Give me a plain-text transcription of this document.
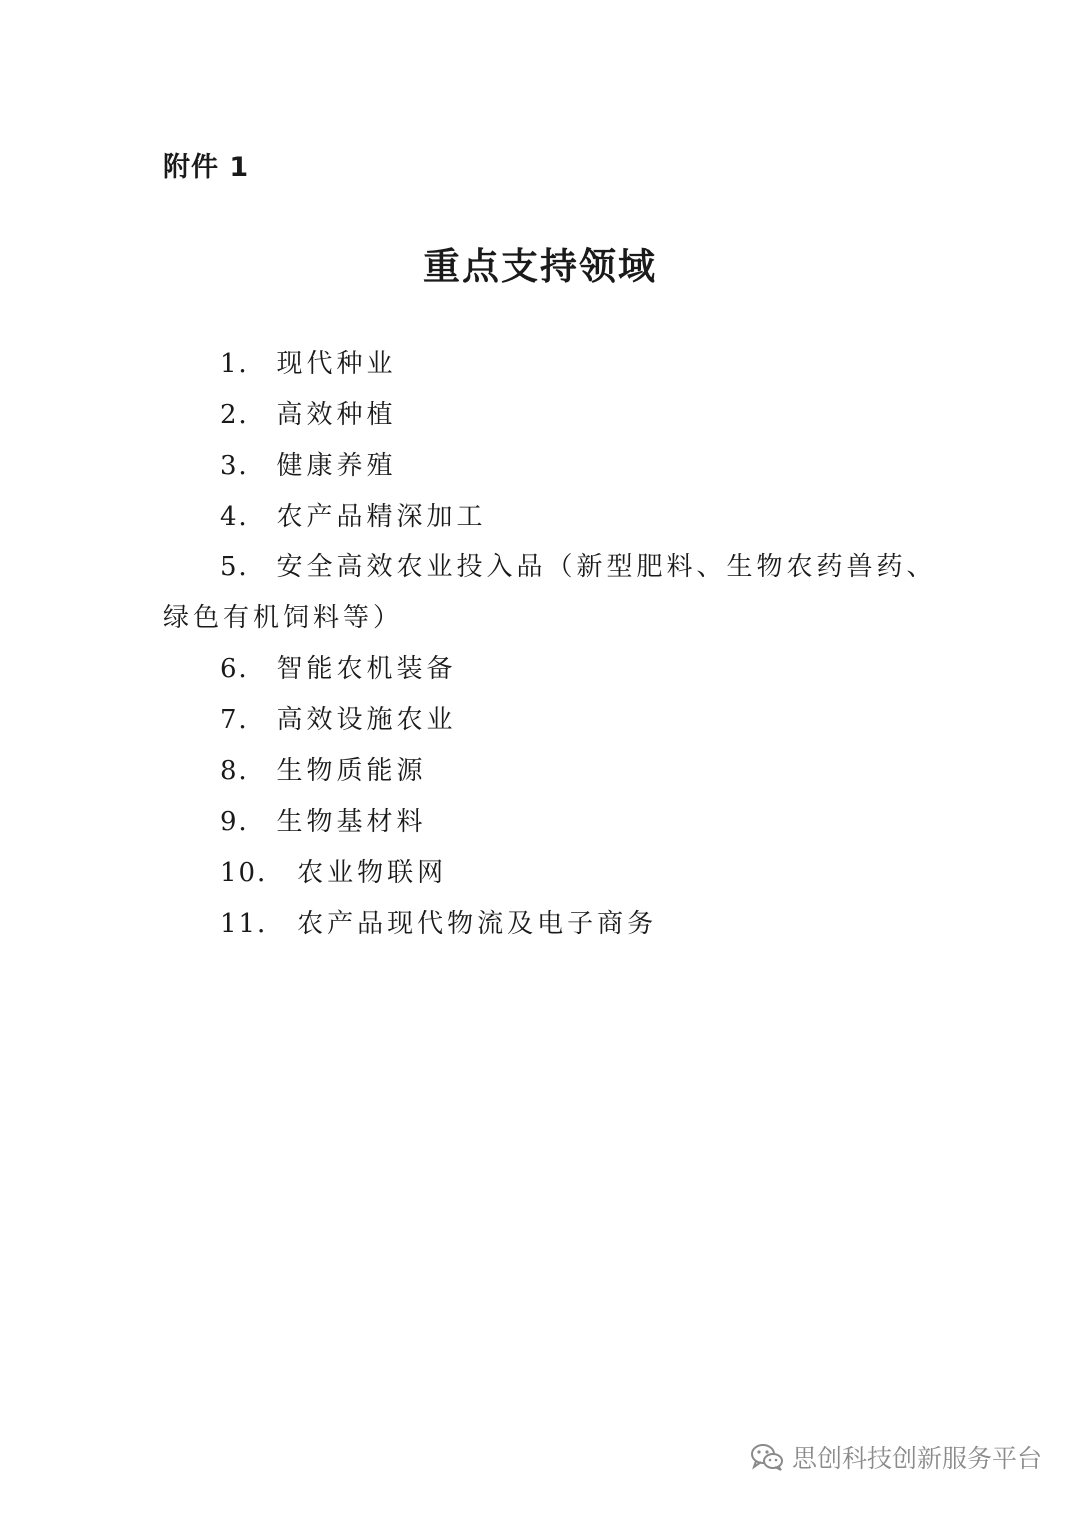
附件 1
重点支持领域
1． 现代种业
2． 高效种植
3． 健康养殖
4． 农产品精深加工
5． 安全高效农业投入品（新型肥料、生物农药兽药、
绿色有机饲料等）
6． 智能农机装备
7． 高效设施农业
8． 生物质能源
9． 生物基材料
10． 农业物联网
11． 农产品现代物流及电子商务
思创科技创新服务平台
